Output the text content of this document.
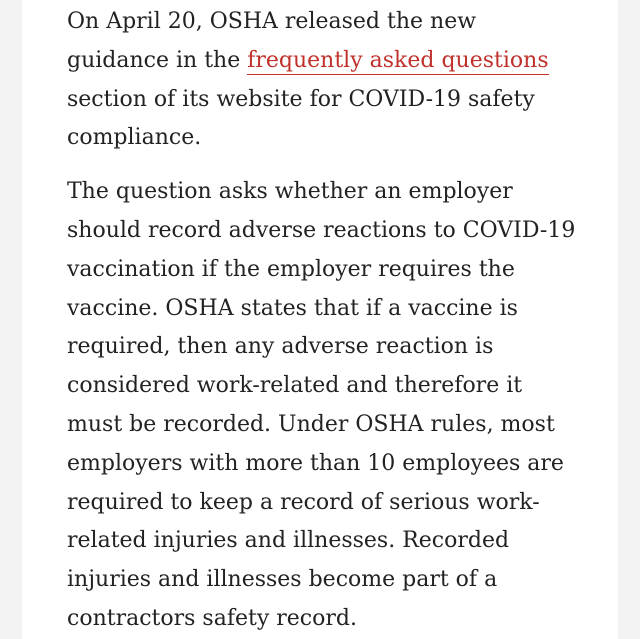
On April 20, OSHA released the new
guidance in the frequently asked questions
section of its website for COVID-19 safety
compliance.

The question asks whether an employer
should record adverse reactions to COVID-19
vaccination if the employer requires the
vaccine. OSHA states that if a vaccine is
required, then any adverse reaction is
considered work-related and therefore it
must be recorded. Under OSHA rules, most
employers with more than 10 employees are
required to keep a record of serious work-
related injuries and illnesses. Recorded
injuries and illnesses become part of a
contractors safety record.
